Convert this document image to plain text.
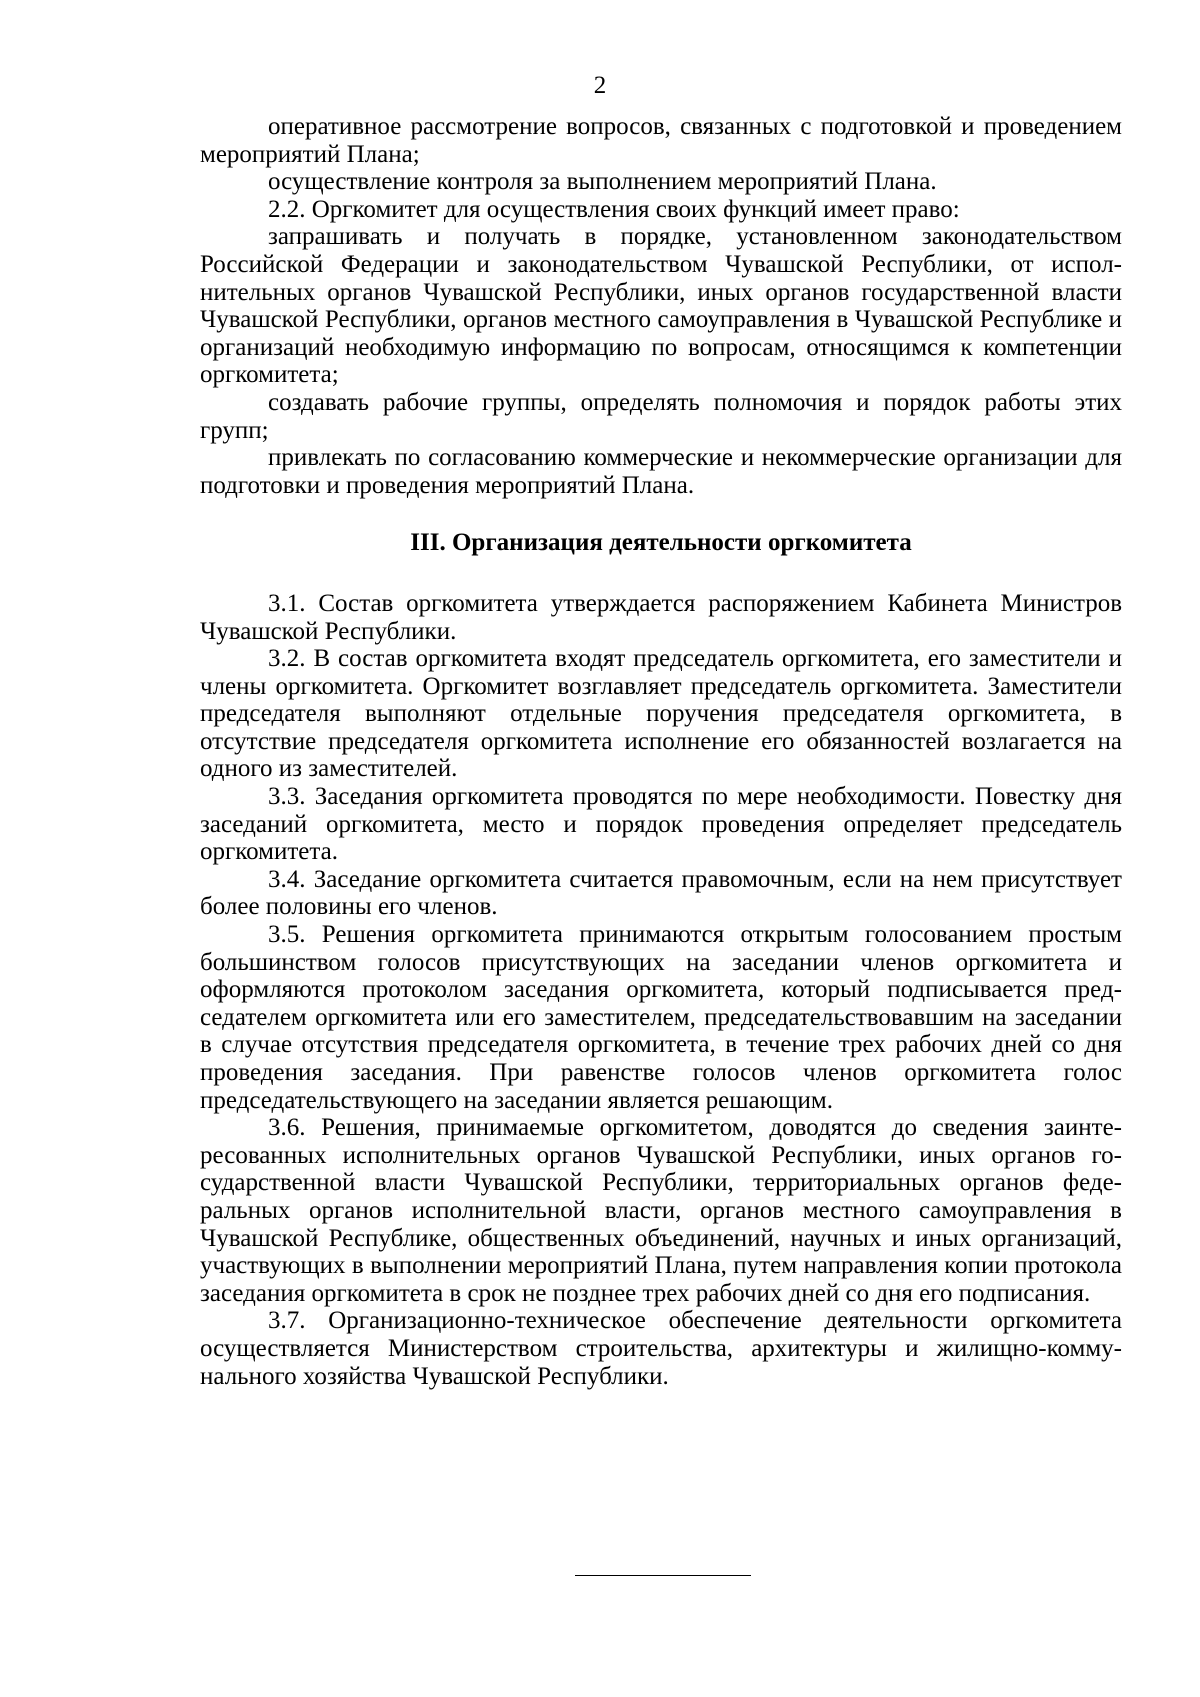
2

оперативное рассмотрение вопросов, связанных с подготовкой и проведением мероприятий Плана;

осуществление контроля за выполнением мероприятий Плана.

2.2. Оргкомитет для осуществления своих функций имеет право:

запрашивать и получать в порядке, установленном законодательством Российской Федерации и законодательством Чувашской Республики, от исполнительных органов Чувашской Республики, иных органов государственной власти Чувашской Республики, органов местного самоуправления в Чувашской Республике и организаций необходимую информацию по вопросам, относящимся к компетенции оргкомитета;

создавать рабочие группы, определять полномочия и порядок работы этих групп;

привлекать по согласованию коммерческие и некоммерческие организации для подготовки и проведения мероприятий Плана.

III. Организация деятельности оргкомитета

3.1. Состав оргкомитета утверждается распоряжением Кабинета Министров Чувашской Республики.

3.2. В состав оргкомитета входят председатель оргкомитета, его заместители и члены оргкомитета. Оргкомитет возглавляет председатель оргкомитета. Заместители председателя выполняют отдельные поручения председателя оргкомитета, в отсутствие председателя оргкомитета исполнение его обязанностей возлагается на одного из заместителей.

3.3. Заседания оргкомитета проводятся по мере необходимости. Повестку дня заседаний оргкомитета, место и порядок проведения определяет председатель оргкомитета.

3.4. Заседание оргкомитета считается правомочным, если на нем присутствует более половины его членов.

3.5. Решения оргкомитета принимаются открытым голосованием простым большинством голосов присутствующих на заседании членов оргкомитета и оформляются протоколом заседания оргкомитета, который подписывается председателем оргкомитета или его заместителем, председательствовавшим на заседании в случае отсутствия председателя оргкомитета, в течение трех рабочих дней со дня проведения заседания. При равенстве голосов членов оргкомитета голос председательствующего на заседании является решающим.

3.6. Решения, принимаемые оргкомитетом, доводятся до сведения заинтересованных исполнительных органов Чувашской Республики, иных органов государственной власти Чувашской Республики, территориальных органов федеральных органов исполнительной власти, органов местного самоуправления в Чувашской Республике, общественных объединений, научных и иных организаций, участвующих в выполнении мероприятий Плана, путем направления копии протокола заседания оргкомитета в срок не позднее трех рабочих дней со дня его подписания.

3.7. Организационно-техническое обеспечение деятельности оргкомитета осуществляется Министерством строительства, архитектуры и жилищно-коммунального хозяйства Чувашской Республики.
